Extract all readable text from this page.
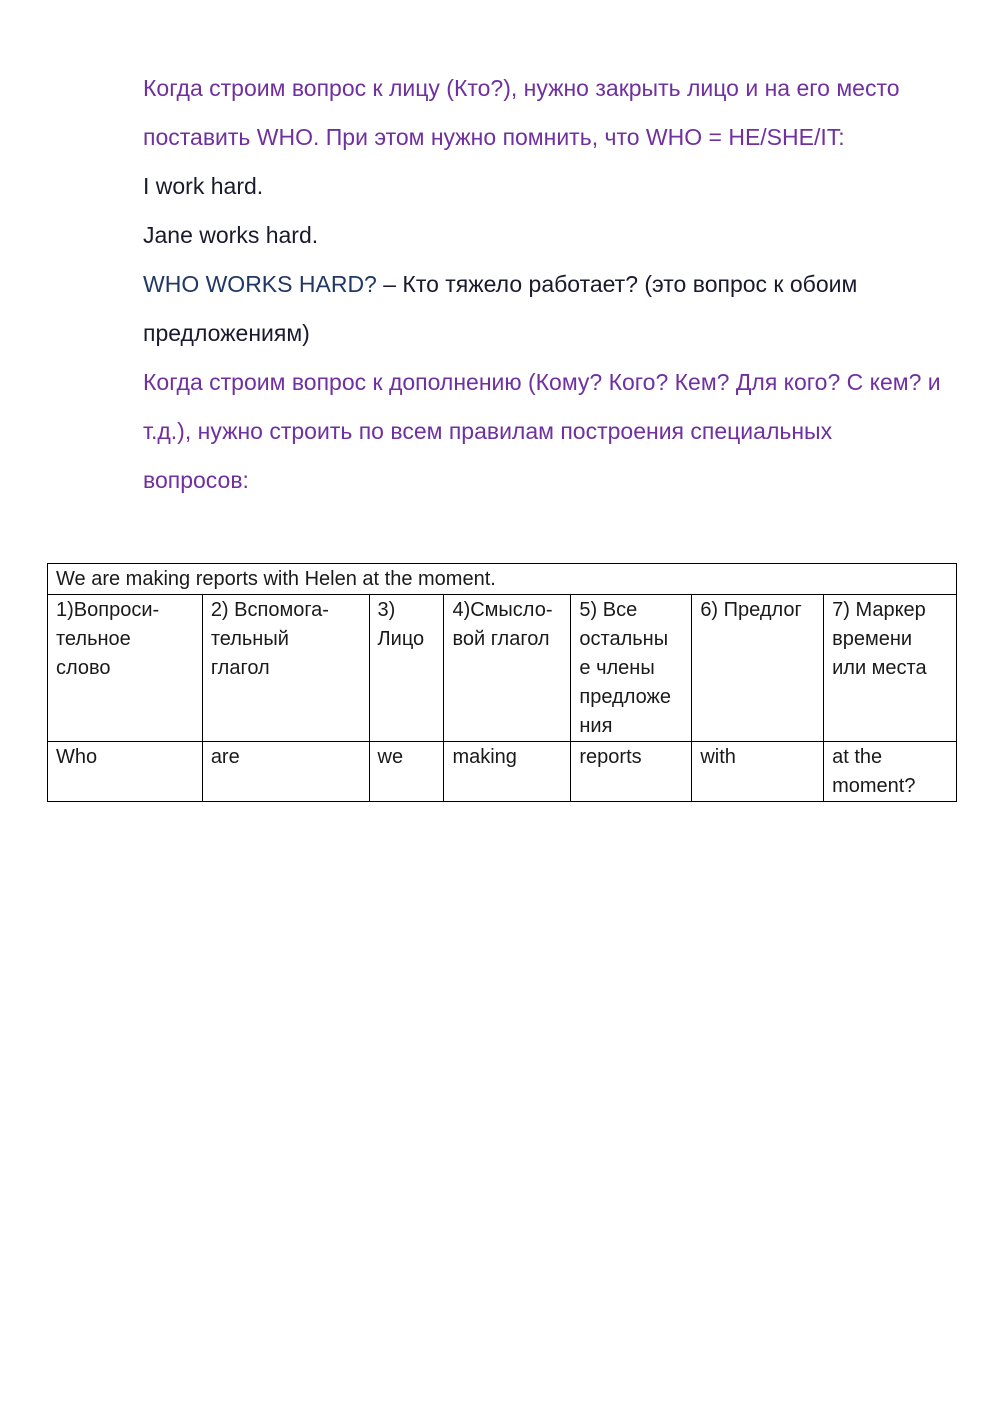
Когда строим вопрос к лицу (Кто?), нужно закрыть лицо и на его место поставить WHO. При этом нужно помнить, что WHO = HE/SHE/IT:

I work hard.

Jane works hard.

WHO WORKS HARD? – Кто тяжело работает? (это вопрос к обоим предложениям)

Когда строим вопрос к дополнению (Кому? Кого? Кем? Для кого? С кем? и т.д.), нужно строить по всем правилам построения специальных вопросов:

We are making reports with Helen at the moment.						
1)Вопроси-
тельное
слово	2) Вспомога-
тельный
глагол	3)
Лицо	4)Смысло-
вой глагол	5) Все
остальны
е члены
предложе
ния	6) Предлог	7) Маркер
времени
или места
Who	are	we	making	reports	with	at the
moment?
